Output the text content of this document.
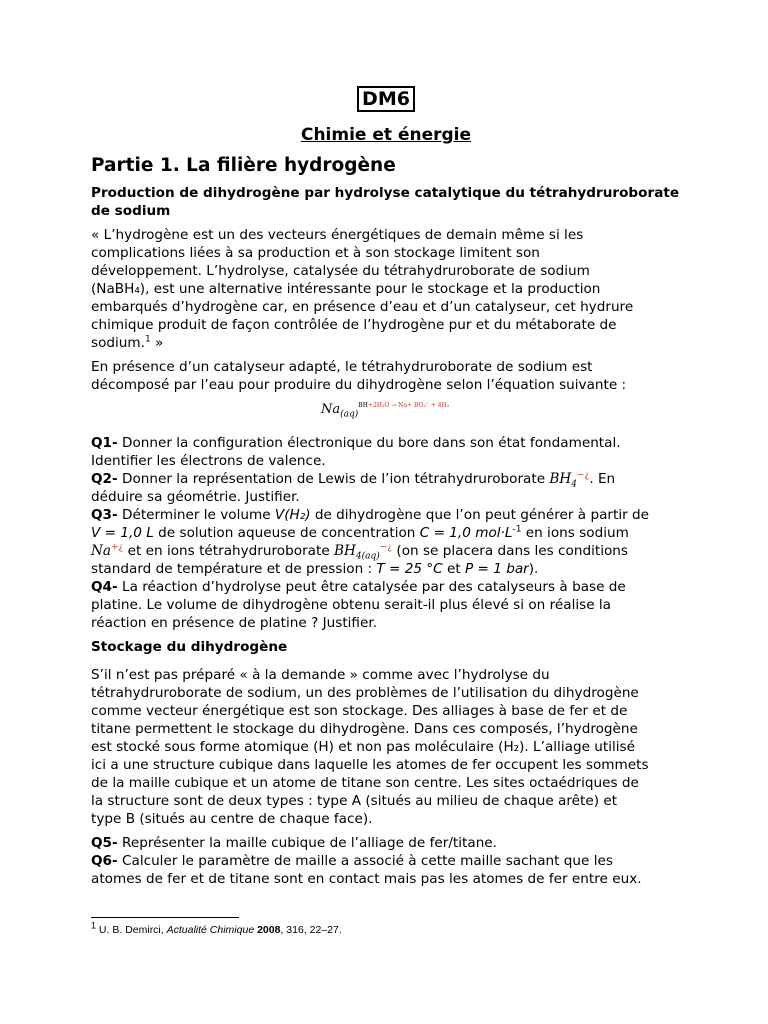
DM6
Chimie et énergie
Partie 1. La filière hydrogène
Production de dihydrogène par hydrolyse catalytique du tétrahydruroborate de sodium

« L’hydrogène est un des vecteurs énergétiques de demain même si les

complications liées à sa production et à son stockage limitent son

développement. L’hydrolyse, catalysée du tétrahydruroborate de sodium

(NaBH₄), est une alternative intéressante pour le stockage et la production

embarqués d’hydrogène car, en présence d’eau et d’un catalyseur, cet hydrure

chimique produit de façon contrôlée de l’hydrogène pur et du métaborate de

sodium.$^1$ »

En présence d’un catalyseur adapté, le tétrahydruroborate de sodium est

décomposé par l’eau pour produire du dihydrogène selon l’équation suivante :

$Na_{(aq)}^{BH+2H_2O \to Na+ BO_2^- + 4H_2}$

Q1- Donner la configuration électronique du bore dans son état fondamental.

Identifier les électrons de valence.

Q2- Donner la représentation de Lewis de l’ion tétrahydruroborate $BH_4^{-¿}$. En

déduire sa géométrie. Justifier.

Q3- Déterminer le volume V(H₂) de dihydrogène que l’on peut générer à partir de

V = 1,0 L de solution aqueuse de concentration C = 1,0 $mol\cdot L^{-1}$ en ions sodium

Na+¿ et en ions tétrahydruroborate $BH_{4(aq)}^{-¿}$ (on se placera dans les conditions

standard de température et de pression : T = 25 °C et P = 1 bar).

Q4- La réaction d’hydrolyse peut être catalysée par des catalyseurs à base de

platine. Le volume de dihydrogène obtenu serait-il plus élevé si on réalise la

réaction en présence de platine ? Justifier.

Stockage du dihydrogène

S’il n’est pas préparé « à la demande » comme avec l’hydrolyse du

tétrahydruroborate de sodium, un des problèmes de l’utilisation du dihydrogène

comme vecteur énergétique est son stockage. Des alliages à base de fer et de

titane permettent le stockage du dihydrogène. Dans ces composés, l’hydrogène

est stocké sous forme atomique (H) et non pas moléculaire (H₂). L’alliage utilisé

ici a une structure cubique dans laquelle les atomes de fer occupent les sommets

de la maille cubique et un atome de titane son centre. Les sites octaédriques de

la structure sont de deux types : type A (situés au milieu de chaque arête) et

type B (situés au centre de chaque face).

Q5- Représenter la maille cubique de l’alliage de fer/titane.

Q6- Calculer le paramètre de maille a associé à cette maille sachant que les

atomes de fer et de titane sont en contact mais pas les atomes de fer entre eux.

$^1$ U. B. Demirci, Actualité Chimique 2008, 316, 22–27.
